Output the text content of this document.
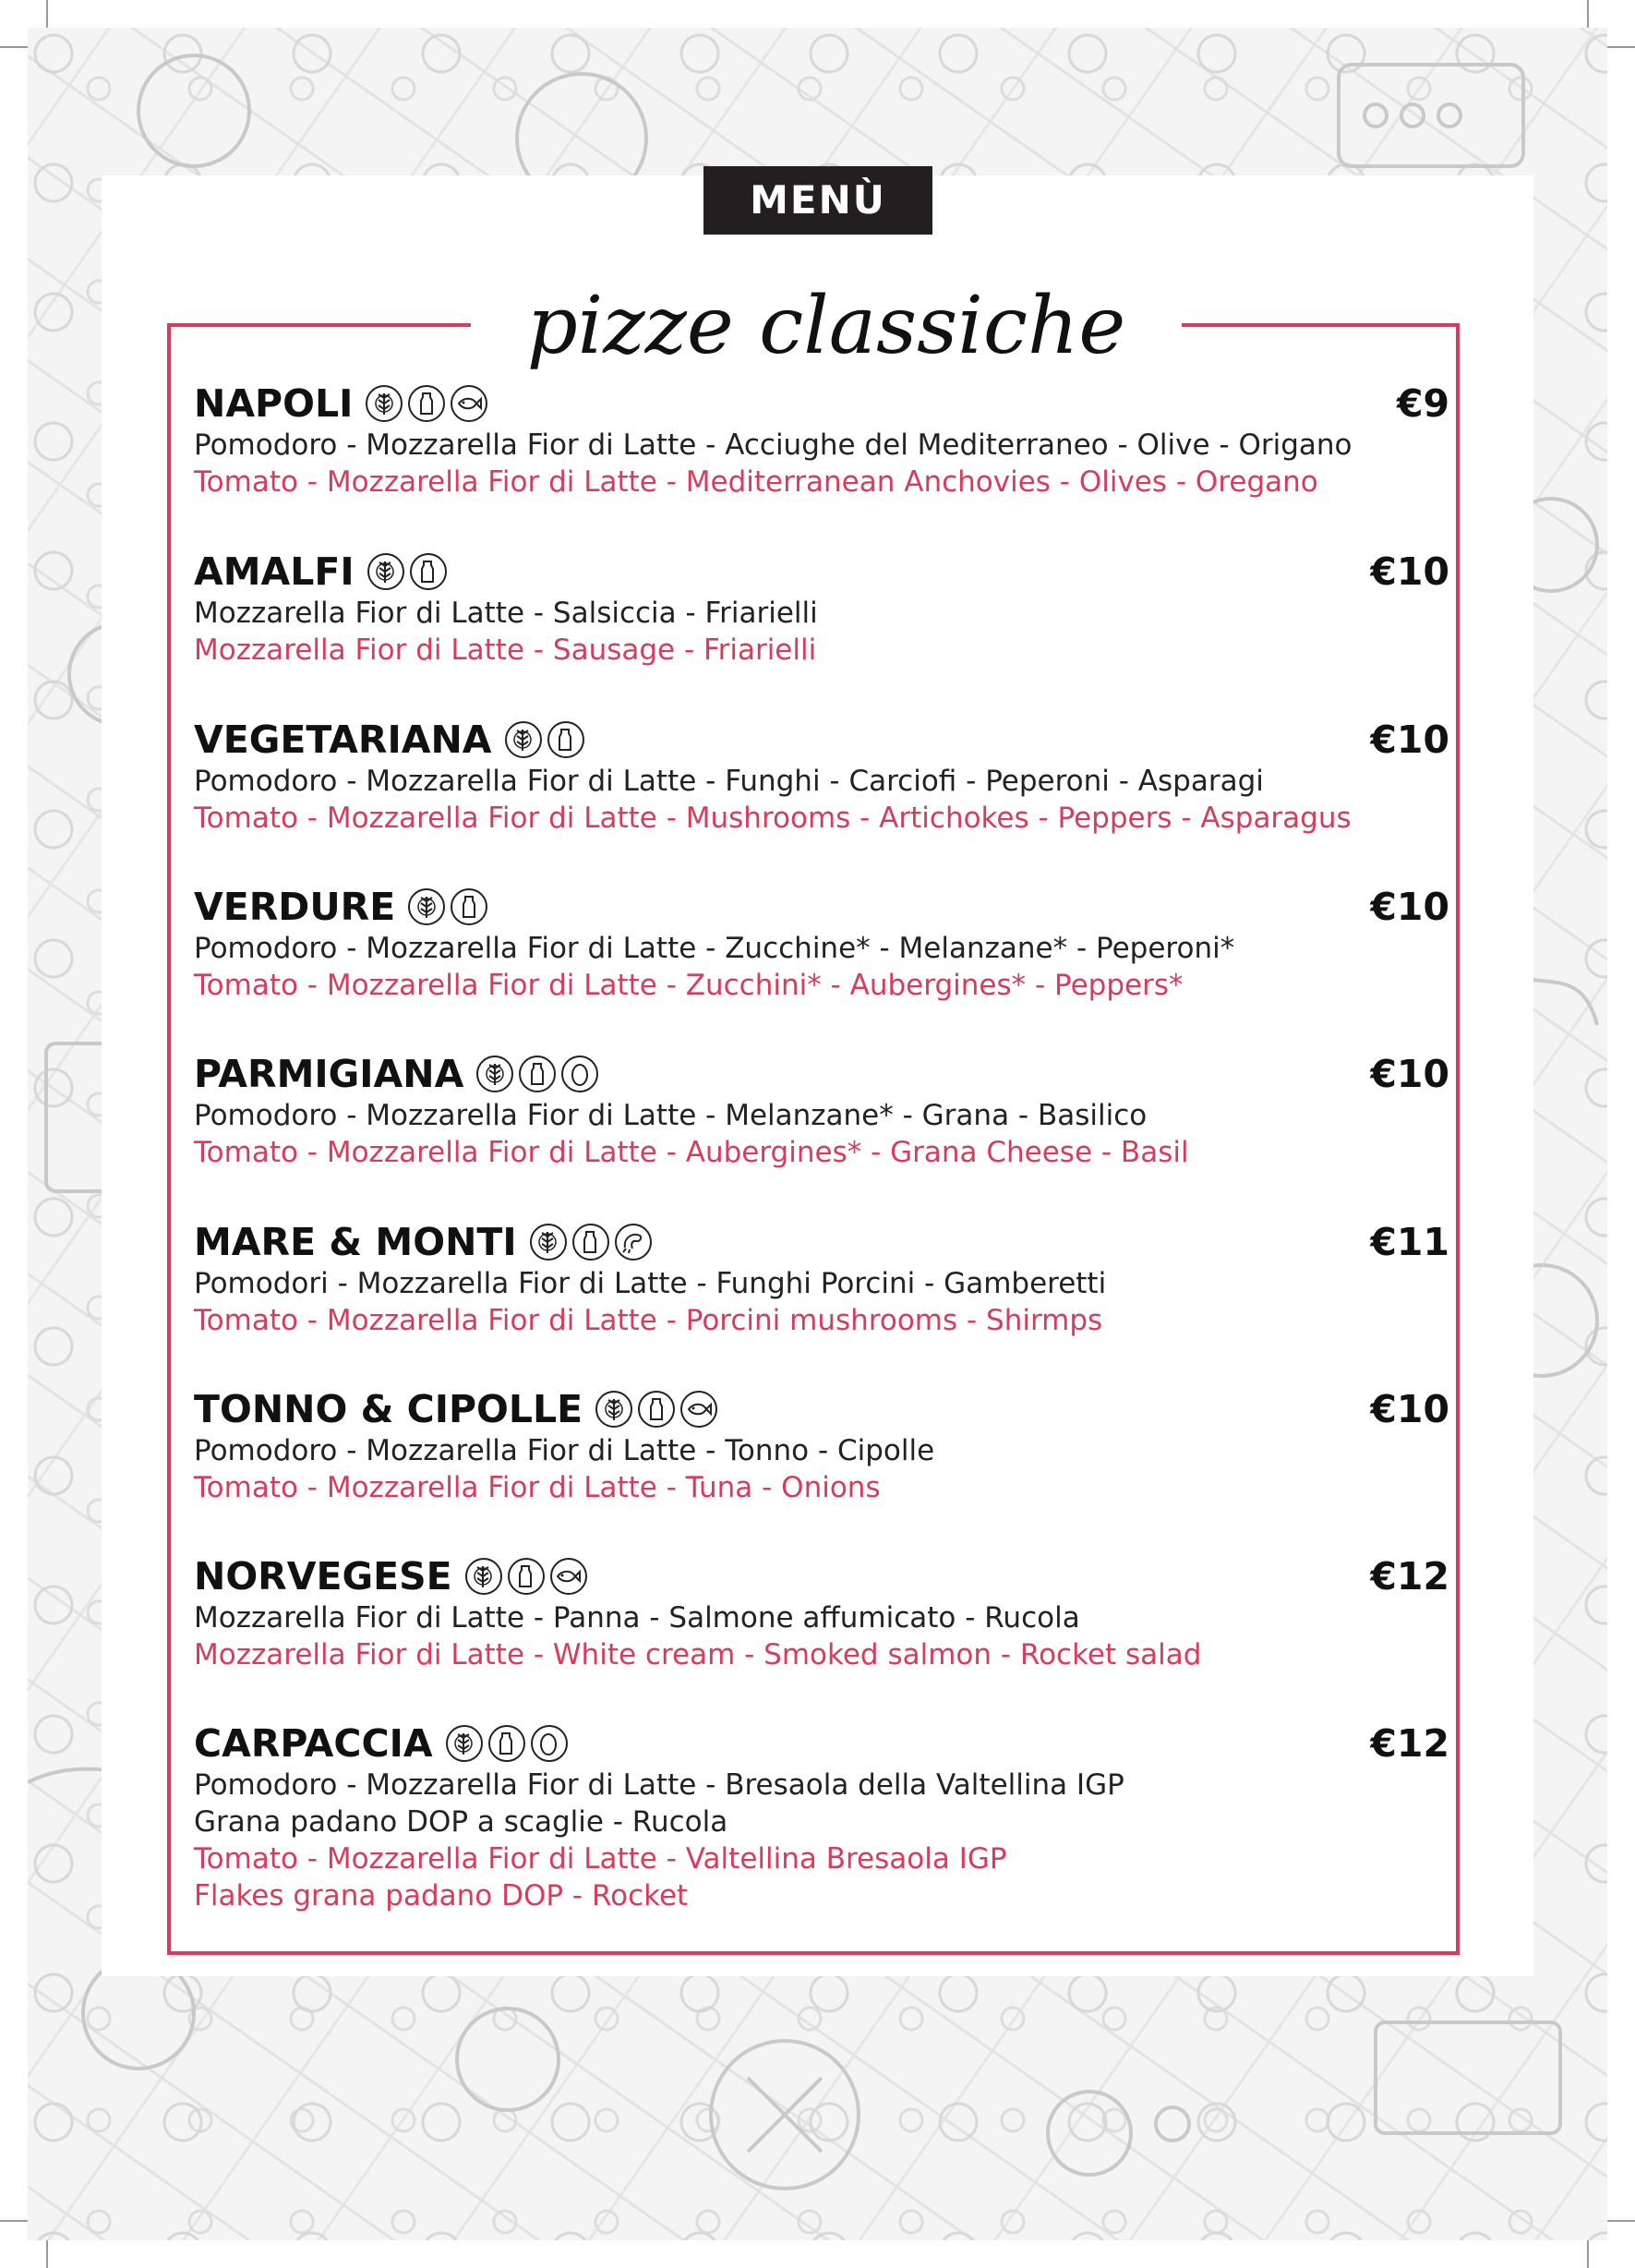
MENÙ
pizze classiche
NAPOLI	€9
Pomodoro - Mozzarella Fior di Latte - Acciughe del Mediterraneo - Olive - Origano
Tomato - Mozzarella Fior di Latte - Mediterranean Anchovies - Olives - Oregano
AMALFI	€10
Mozzarella Fior di Latte - Salsiccia - Friarielli
Mozzarella Fior di Latte - Sausage - Friarielli
VEGETARIANA	€10
Pomodoro - Mozzarella Fior di Latte - Funghi - Carciofi - Peperoni - Asparagi
Tomato - Mozzarella Fior di Latte - Mushrooms - Artichokes - Peppers - Asparagus
VERDURE	€10
Pomodoro - Mozzarella Fior di Latte - Zucchine* - Melanzane* - Peperoni*
Tomato - Mozzarella Fior di Latte - Zucchini* - Aubergines* - Peppers*
PARMIGIANA	€10
Pomodoro - Mozzarella Fior di Latte - Melanzane* - Grana - Basilico
Tomato - Mozzarella Fior di Latte - Aubergines* - Grana Cheese - Basil
MARE & MONTI	€11
Pomodori - Mozzarella Fior di Latte - Funghi Porcini - Gamberetti
Tomato - Mozzarella Fior di Latte - Porcini mushrooms - Shirmps
TONNO & CIPOLLE	€10
Pomodoro - Mozzarella Fior di Latte - Tonno - Cipolle
Tomato - Mozzarella Fior di Latte - Tuna - Onions
NORVEGESE	€12
Mozzarella Fior di Latte - Panna - Salmone affumicato - Rucola
Mozzarella Fior di Latte - White cream - Smoked salmon - Rocket salad
CARPACCIA	€12
Pomodoro - Mozzarella Fior di Latte - Bresaola della Valtellina IGP
Grana padano DOP a scaglie - Rucola
Tomato - Mozzarella Fior di Latte - Valtellina Bresaola IGP
Flakes grana padano DOP - Rocket
